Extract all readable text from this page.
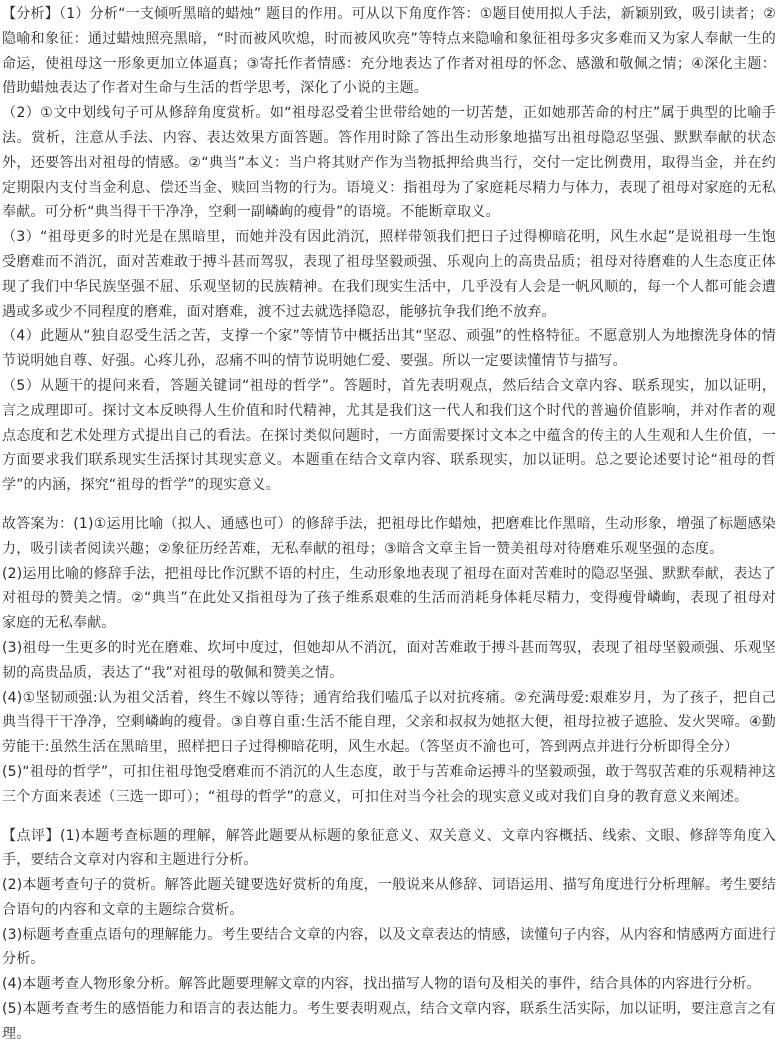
【分析】（1）分析“一支倾听黑暗的蜡烛” 题目的作用。可从以下角度作答：①题目使用拟人手法，新颖别致，吸引读者；②隐喻和象征：通过蜡烛照亮黑暗，“时而被风吹熄，时而被风吹亮”等特点来隐喻和象征祖母多灾多难而又为家人奉献一生的命运，使祖母这一形象更加立体逼真；③寄托作者情感：充分地表达了作者对祖母的怀念、感激和敬佩之情；④深化主题：借助蜡烛表达了作者对生命与生活的哲学思考，深化了小说的主题。

（2）①文中划线句子可从修辞角度赏析。如“祖母忍受着尘世带给她的一切苦楚，正如她那苦命的村庄”属于典型的比喻手法。赏析，注意从手法、内容、表达效果方面答题。答作用时除了答出生动形象地描写出祖母隐忍坚强、默默奉献的状态外，还要答出对祖母的情感。②“典当”本义：当户将其财产作为当物抵押给典当行，交付一定比例费用，取得当金，并在约定期限内支付当金利息、偿还当金、赎回当物的行为。语境义：指祖母为了家庭耗尽精力与体力，表现了祖母对家庭的无私奉献。可分析“典当得干干净净，空剩一副嶙峋的瘦骨”的语境。不能断章取义。

（3）“祖母更多的时光是在黑暗里，而她并没有因此消沉，照样带领我们把日子过得柳暗花明，风生水起”是说祖母一生饱受磨难而不消沉，面对苦难敢于搏斗甚而驾驭，表现了祖母坚毅顽强、乐观向上的高贵品质；祖母对待磨难的人生态度正体现了我们中华民族坚强不屈、乐观坚韧的民族精神。在我们现实生活中，几乎没有人会是一帆风顺的，每一个人都可能会遭遇或多或少不同程度的磨难，面对磨难，渡不过去就选择隐忍，能够抗争我们绝不放弃。

（4）此题从“独自忍受生活之苦，支撑一个家”等情节中概括出其“坚忍、顽强”的性格特征。不愿意别人为地擦洗身体的情节说明她自尊、好强。心疼儿孙，忍痛不叫的情节说明她仁爱、要强。所以一定要读懂情节与描写。

（5）从题干的提问来看，答题关键词“祖母的哲学”。答题时，首先表明观点，然后结合文章内容、联系现实，加以证明，言之成理即可。探讨文本反映得人生价值和时代精神，尤其是我们这一代人和我们这个时代的普遍价值影响，并对作者的观点态度和艺术处理方式提出自己的看法。在探讨类似问题时，一方面需要探讨文本之中蕴含的传主的人生观和人生价值，一方面要求我们联系现实生活探讨其现实意义。本题重在结合文章内容、联系现实，加以证明。总之要论述要讨论“祖母的哲学”的内涵，探究“祖母的哲学”的现实意义。

故答案为：(1)①运用比喻（拟人、通感也可）的修辞手法，把祖母比作蜡烛，把磨难比作黑暗，生动形象，增强了标题感染力，吸引读者阅读兴趣；②象征历经苦难，无私奉献的祖母；③暗含文章主旨一赞美祖母对待磨难乐观坚强的态度。

(2)运用比喻的修辞手法，把祖母比作沉默不语的村庄，生动形象地表现了祖母在面对苦难时的隐忍坚强、默默奉献，表达了对祖母的赞美之情。②“典当”在此处又指祖母为了孩子维系艰难的生活而消耗身体耗尽精力，变得瘦骨嶙峋，表现了祖母对家庭的无私奉献。

(3)祖母一生更多的时光在磨难、坎坷中度过，但她却从不消沉，面对苦难敢于搏斗甚而驾驭，表现了祖母坚毅顽强、乐观坚韧的高贵品质，表达了“我”对祖母的敬佩和赞美之情。

(4)①坚韧顽强:认为祖父活着，终生不嫁以等待；通宵给我们嗑瓜子以对抗疼痛。②充满母爱:艰难岁月，为了孩子，把自己典当得干干净净，空剩嶙峋的瘦骨。③自尊自重:生活不能自理，父亲和叔叔为她抠大便，祖母拉被子遮脸、发火哭啼。④勤劳能干:虽然生活在黑暗里，照样把日子过得柳暗花明，风生水起。（答坚贞不渝也可，答到两点并进行分析即得全分）

(5)“祖母的哲学”，可扣住祖母饱受磨难而不消沉的人生态度，敢于与苦难命运搏斗的坚毅顽强，敢于驾驭苦难的乐观精神这三个方面来表述（三选一即可）；“祖母的哲学”的意义，可扣住对当今社会的现实意义或对我们自身的教育意义来阐述。

【点评】(1)本题考查标题的理解，解答此题要从标题的象征意义、双关意义、文章内容概括、线索、文眼、修辞等角度入手，要结合文章对内容和主题进行分析。

(2)本题考查句子的赏析。解答此题关键要选好赏析的角度，一般说来从修辞、词语运用、描写角度进行分析理解。考生要结合语句的内容和文章的主题综合赏析。

(3)标题考查重点语句的理解能力。考生要结合文章的内容，以及文章表达的情感，读懂句子内容，从内容和情感两方面进行分析。

(4)本题考查人物形象分析。解答此题要理解文章的内容，找出描写人物的语句及相关的事件，结合具体的内容进行分析。

(5)本题考查考生的感悟能力和语言的表达能力。考生要表明观点，结合文章内容，联系生活实际，加以证明，要注意言之有理。
